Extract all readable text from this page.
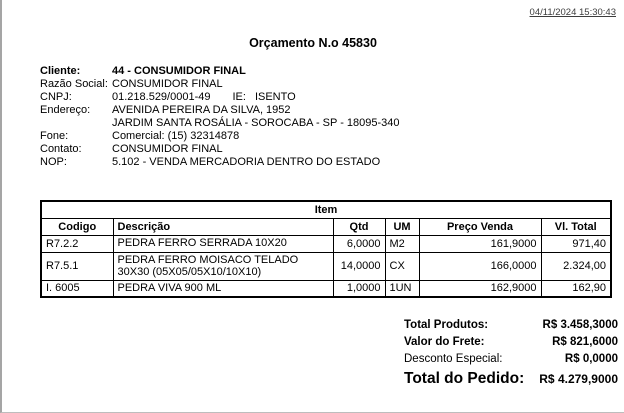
04/11/2024 15:30:43
Orçamento N.o 45830
Cliente:	44 - CONSUMIDOR FINAL
Razão Social: CONSUMIDOR FINAL
CNPJ:	01.218.529/0001-49 IE: ISENTO
Endereço:	AVENIDA PEREIRA DA SILVA, 1952
JARDIM SANTA ROSÁLIA - SOROCABA - SP - 18095-340
Fone:	Comercial: (15) 32314878
Contato:	CONSUMIDOR FINAL
NOP:	5.102 - VENDA MERCADORIA DENTRO DO ESTADO
Item					
Codigo	Descrição	Qtd	UM	Preço Venda	Vl. Total
R7.2.2	PEDRA FERRO SERRADA 10X20	6,0000	M2	161,9000	971,40
R7.5.1	PEDRA FERRO MOISACO TELADO 30X30 (05X05/05X10/10X10)	14,0000	CX	166,0000	2.324,00
I. 6005	PEDRA VIVA 900 ML	1,0000	1UN	162,9000	162,90
Total Produtos:	R$ 3.458,3000
Valor do Frete:	R$ 821,6000
Desconto Especial:	R$ 0,0000
Total do Pedido: R$ 4.279,9000
